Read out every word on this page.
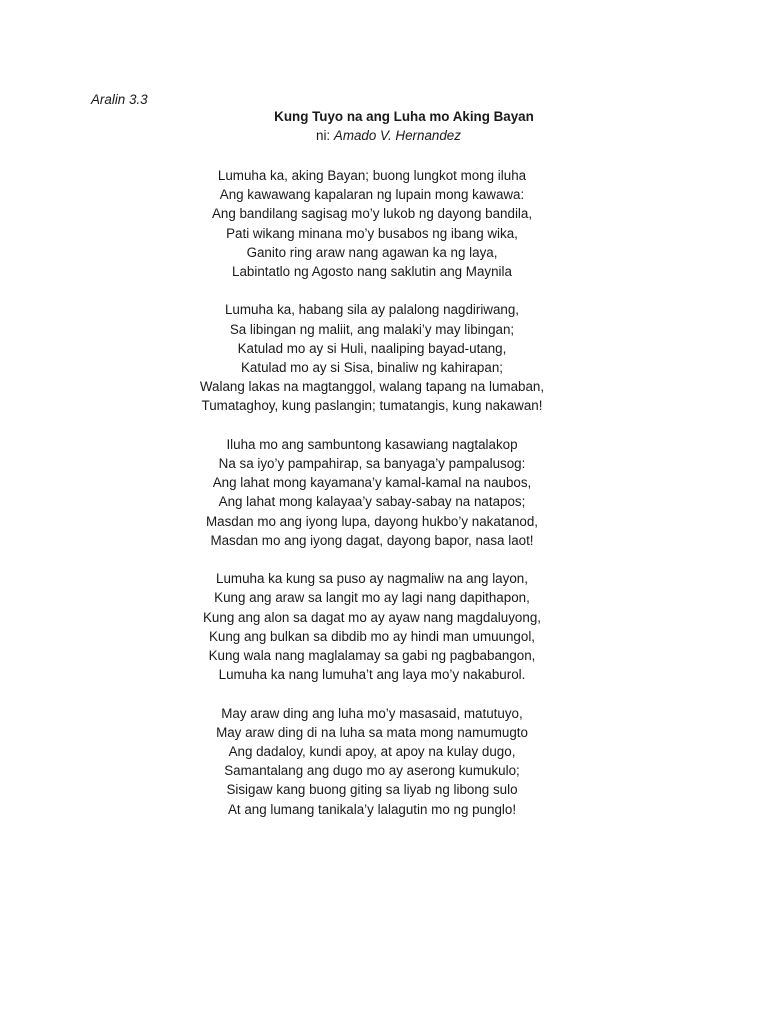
Aralin 3.3
Kung Tuyo na ang Luha mo Aking Bayan
ni: Amado V. Hernandez
Lumuha ka, aking Bayan; buong lungkot mong iluha
Ang kawawang kapalaran ng lupain mong kawawa:
Ang bandilang sagisag mo’y lukob ng dayong bandila,
Pati wikang minana mo’y busabos ng ibang wika,
Ganito ring araw nang agawan ka ng laya,
Labintatlo ng Agosto nang saklutin ang Maynila
Lumuha ka, habang sila ay palalong nagdiriwang,
Sa libingan ng maliit, ang malaki’y may libingan;
Katulad mo ay si Huli, naaliping bayad-utang,
Katulad mo ay si Sisa, binaliw ng kahirapan;
Walang lakas na magtanggol, walang tapang na lumaban,
Tumataghoy, kung paslangin; tumatangis, kung nakawan!
Iluha mo ang sambuntong kasawiang nagtalakop
Na sa iyo’y pampahirap, sa banyaga’y pampalusog:
Ang lahat mong kayamana’y kamal-kamal na naubos,
Ang lahat mong kalayaa’y sabay-sabay na natapos;
Masdan mo ang iyong lupa, dayong hukbo’y nakatanod,
Masdan mo ang iyong dagat, dayong bapor, nasa laot!
Lumuha ka kung sa puso ay nagmaliw na ang layon,
Kung ang araw sa langit mo ay lagi nang dapithapon,
Kung ang alon sa dagat mo ay ayaw nang magdaluyong,
Kung ang bulkan sa dibdib mo ay hindi man umuungol,
Kung wala nang maglalamay sa gabi ng pagbabangon,
Lumuha ka nang lumuha’t ang laya mo’y nakaburol.
May araw ding ang luha mo’y masasaid, matutuyo,
May araw ding di na luha sa mata mong namumugto
Ang dadaloy, kundi apoy, at apoy na kulay dugo,
Samantalang ang dugo mo ay aserong kumukulo;
Sisigaw kang buong giting sa liyab ng libong sulo
At ang lumang tanikala’y lalagutin mo ng punglo!
